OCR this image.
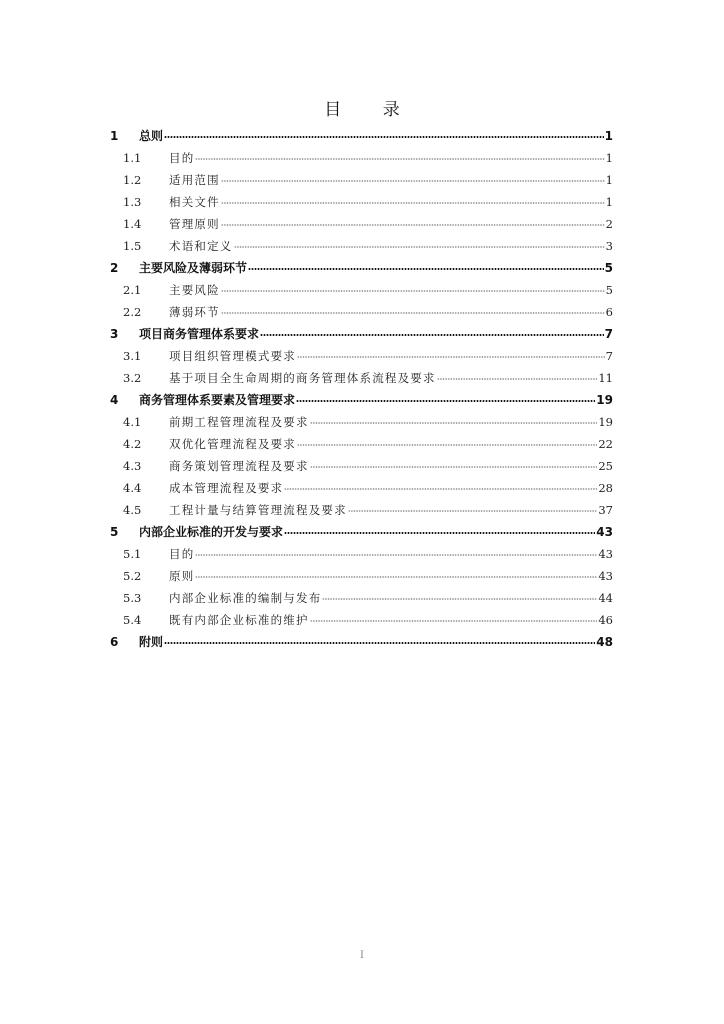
目 录
1	总则	1
1.1	目的	1
1.2	适用范围	1
1.3	相关文件	1
1.4	管理原则	2
1.5	术语和定义	3
2	主要风险及薄弱环节	5
2.1	主要风险	5
2.2	薄弱环节	6
3	项目商务管理体系要求	7
3.1	项目组织管理模式要求	7
3.2	基于项目全生命周期的商务管理体系流程及要求	11
4	商务管理体系要素及管理要求	19
4.1	前期工程管理流程及要求	19
4.2	双优化管理流程及要求	22
4.3	商务策划管理流程及要求	25
4.4	成本管理流程及要求	28
4.5	工程计量与结算管理流程及要求	37
5	内部企业标准的开发与要求	43
5.1	目的	43
5.2	原则	43
5.3	内部企业标准的编制与发布	44
5.4	既有内部企业标准的维护	46
6	附则	48
I
